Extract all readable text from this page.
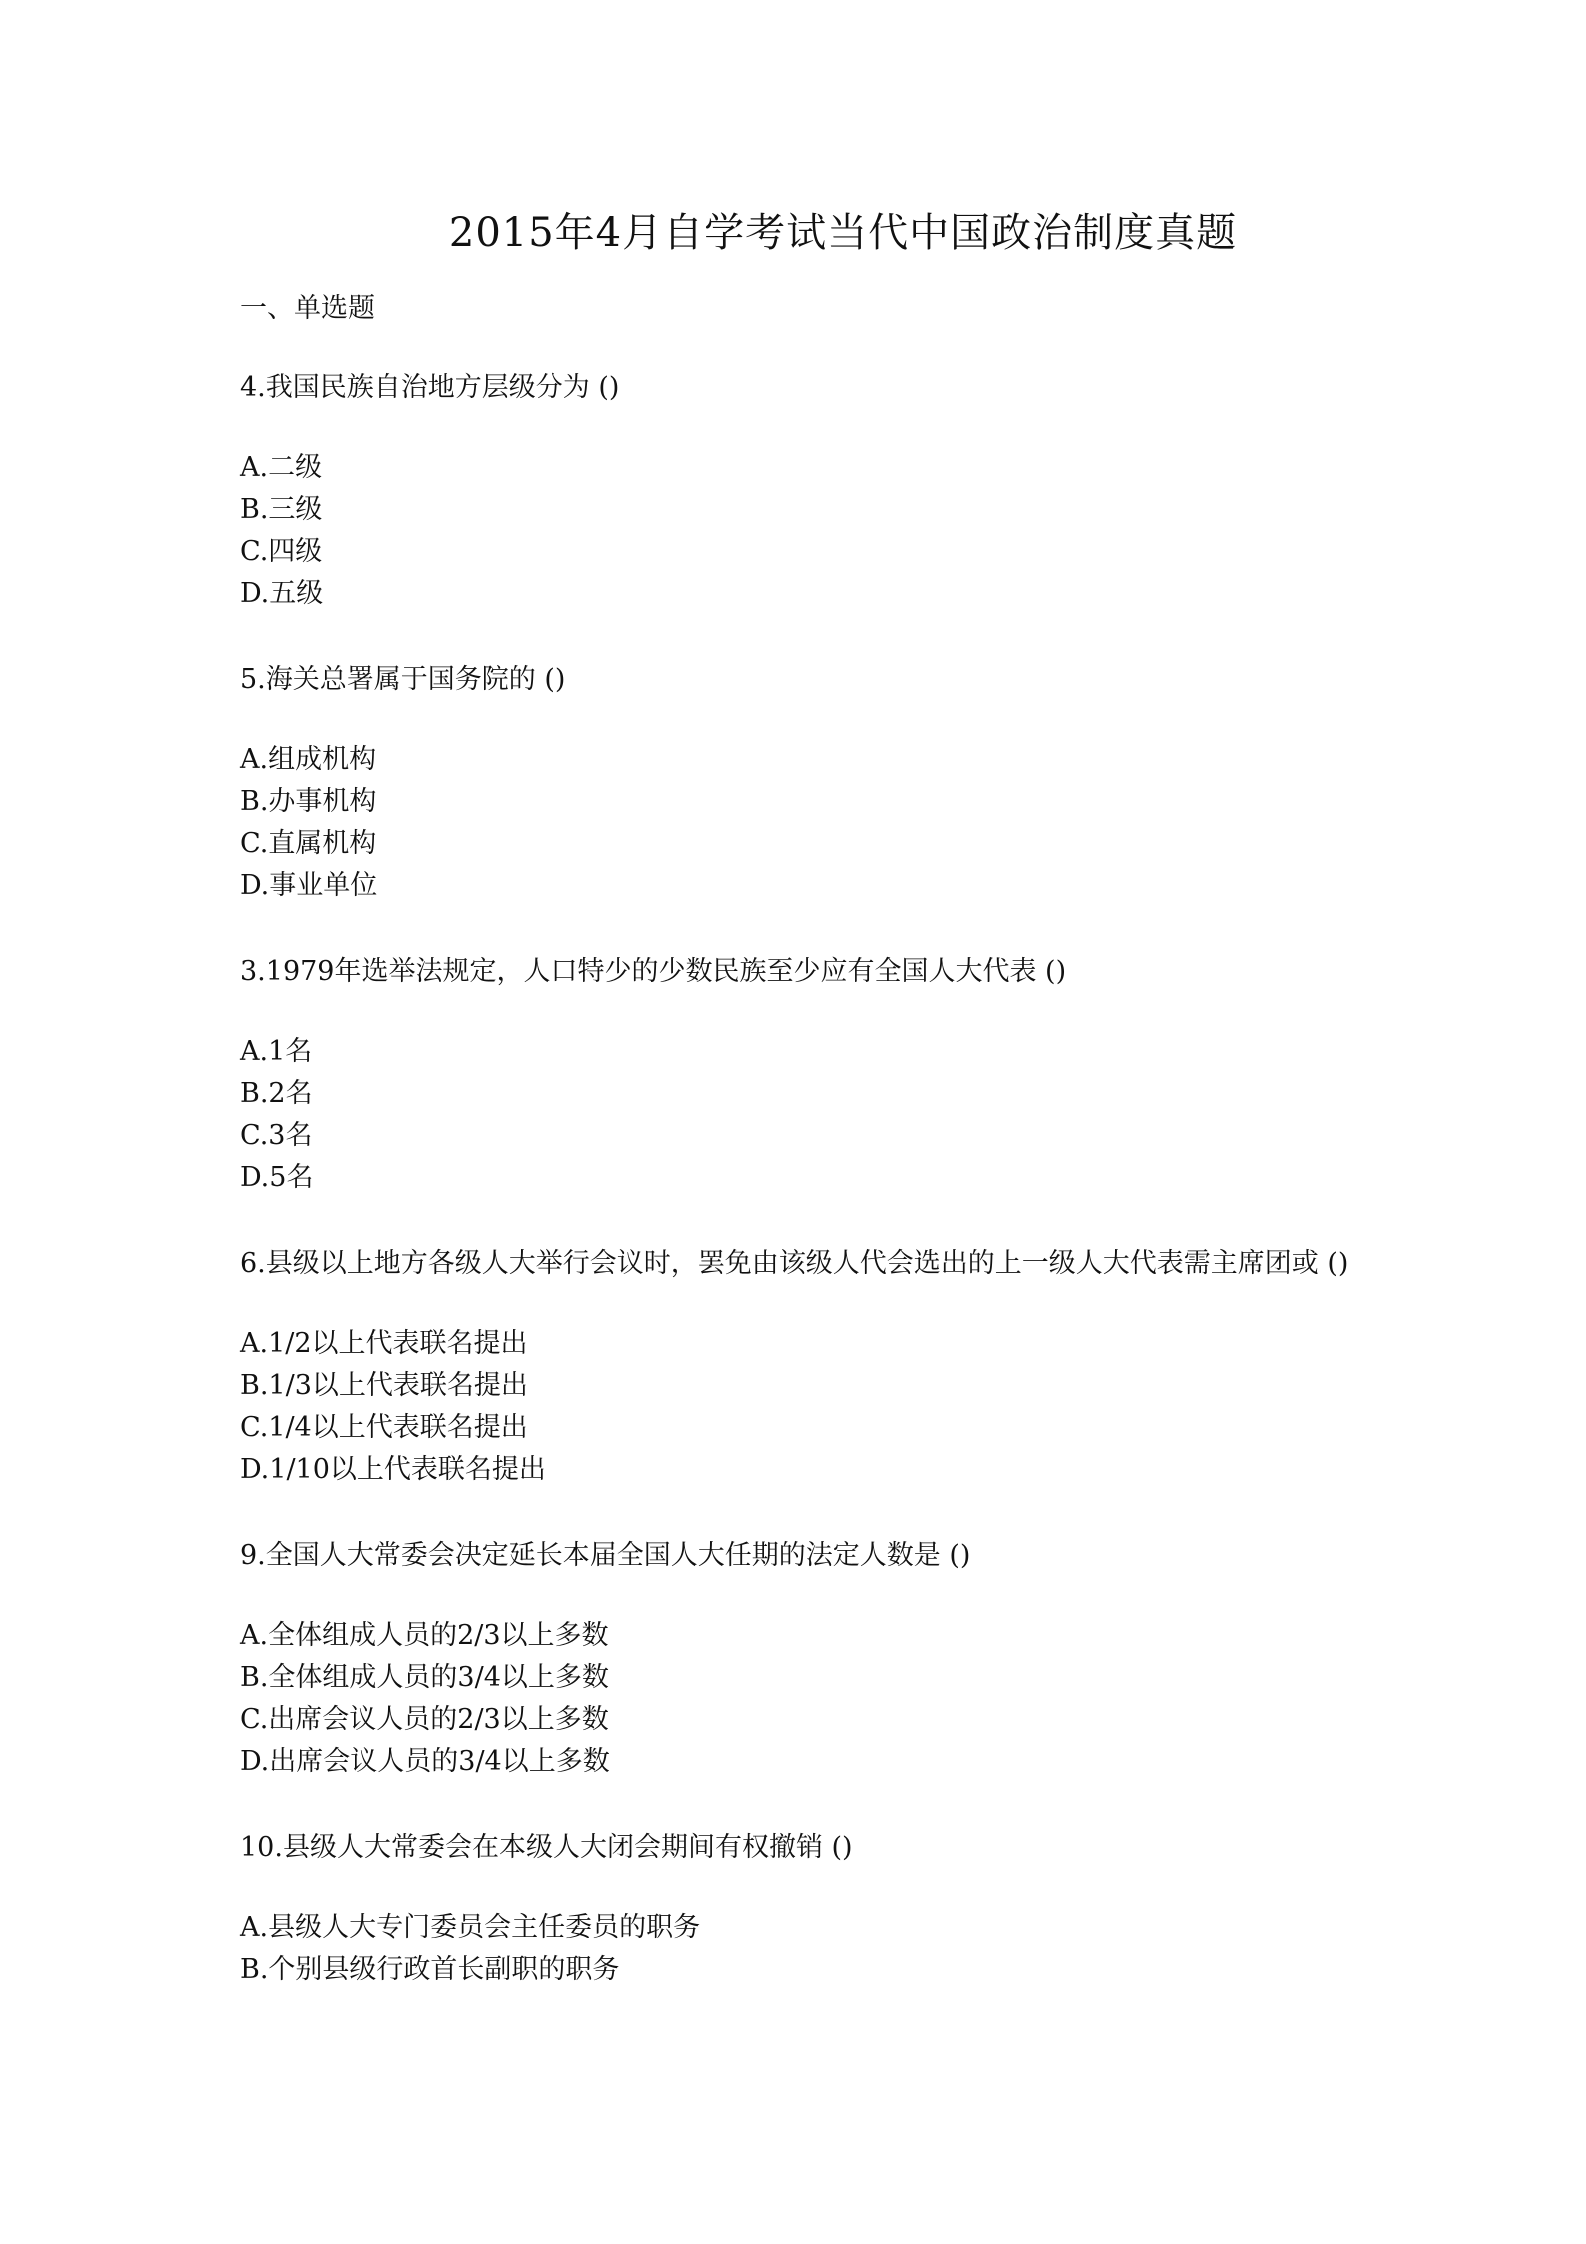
2015年4月自学考试当代中国政治制度真题
一、单选题
4.我国民族自治地方层级分为 ()
A.二级
B.三级
C.四级
D.五级
5.海关总署属于国务院的 ()
A.组成机构
B.办事机构
C.直属机构
D.事业单位
3.1979年选举法规定，人口特少的少数民族至少应有全国人大代表 ()
A.1名
B.2名
C.3名
D.5名
6.县级以上地方各级人大举行会议时，罢免由该级人代会选出的上一级人大代表需主席团或 ()
A.1/2以上代表联名提出
B.1/3以上代表联名提出
C.1/4以上代表联名提出
D.1/10以上代表联名提出
9.全国人大常委会决定延长本届全国人大任期的法定人数是 ()
A.全体组成人员的2/3以上多数
B.全体组成人员的3/4以上多数
C.出席会议人员的2/3以上多数
D.出席会议人员的3/4以上多数
10.县级人大常委会在本级人大闭会期间有权撤销 ()
A.县级人大专门委员会主任委员的职务
B.个别县级行政首长副职的职务
